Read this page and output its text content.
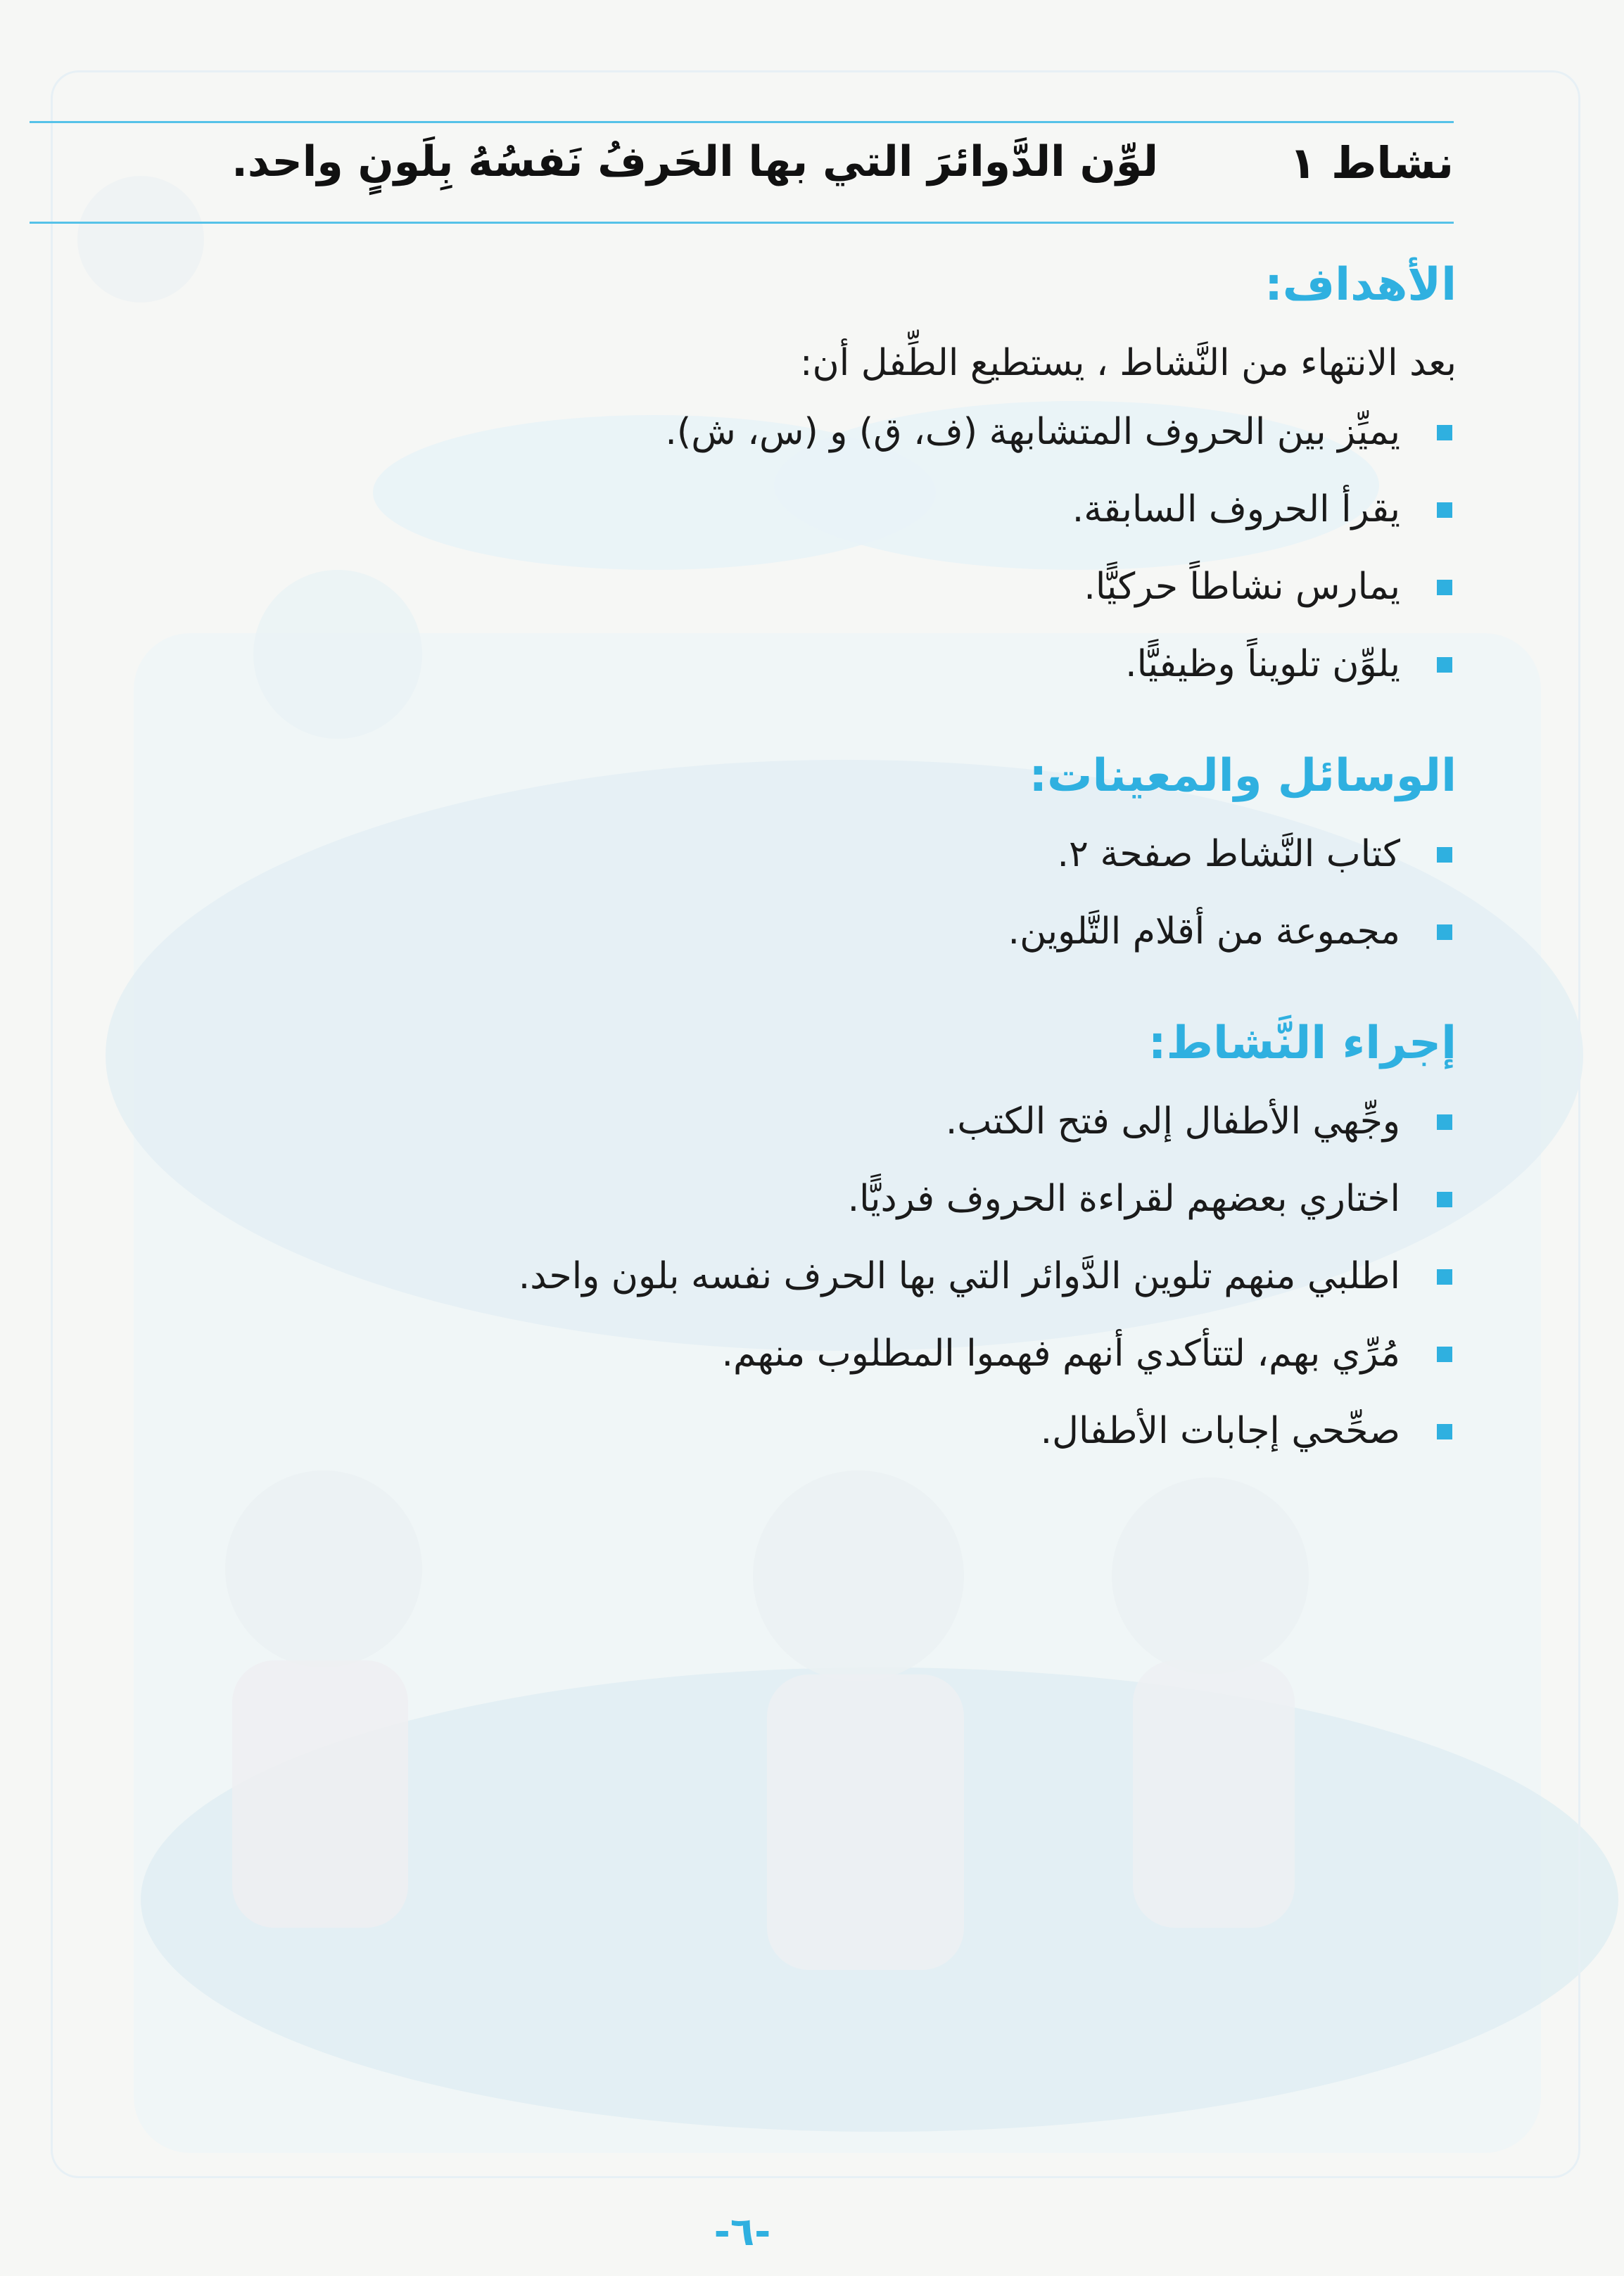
نشاط ١
لوِّن الدَّوائرَ التي بها الحَرفُ نَفسُهُ بِلَونٍ واحد.
الأهداف:
بعد الانتهاء من النَّشاط ، يستطيع الطِّفل أن:
يميِّز بين الحروف المتشابهة (ف، ق) و (س، ش).
يقرأ الحروف السابقة.
يمارس نشاطاً حركيًّا.
يلوِّن تلويناً وظيفيًّا.
الوسائل والمعينات:
كتاب النَّشاط صفحة ٢.
مجموعة من أقلام التَّلوين.
إجراء النَّشاط:
وجِّهي الأطفال إلى فتح الكتب.
اختاري بعضهم لقراءة الحروف فرديًّا.
اطلبي منهم تلوين الدَّوائر التي بها الحرف نفسه بلون واحد.
مُرِّي بهم، لتتأكدي أنهم فهموا المطلوب منهم.
صحِّحي إجابات الأطفال.
-٦-
